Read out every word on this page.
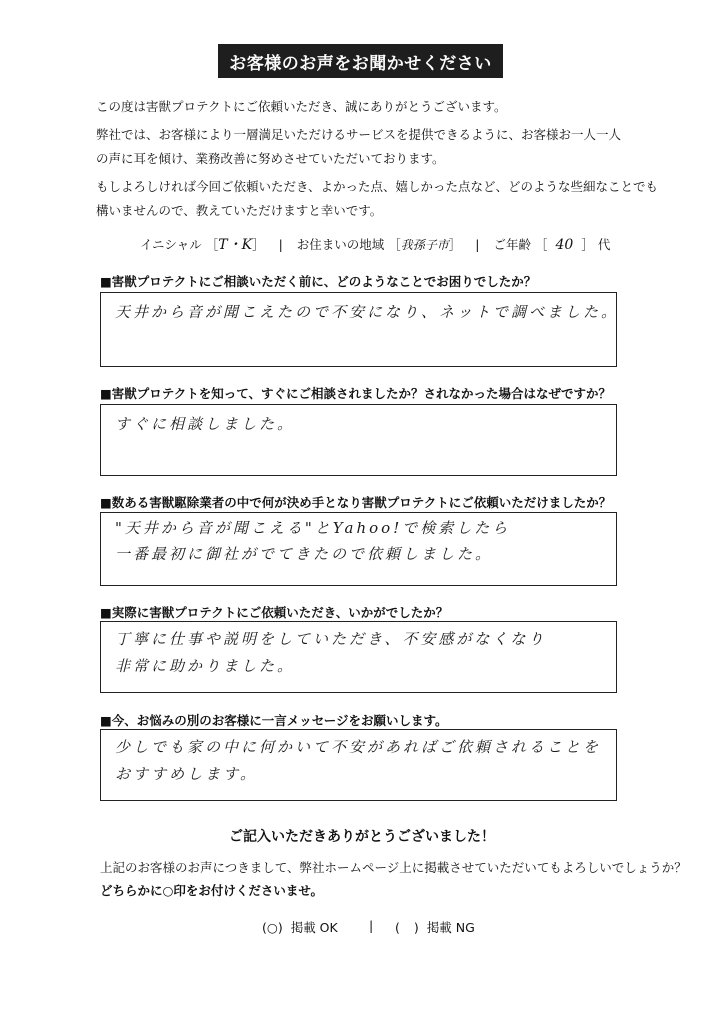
お客様のお声をお聞かせください
この度は害獣プロテクトにご依頼いただき、誠にありがとうございます。
弊社では、お客様により一層満足いただけるサービスを提供できるように、お客様お一人一人
の声に耳を傾け、業務改善に努めさせていただいております。
もしよろしければ今回ご依頼いただき、よかった点、嬉しかった点など、どのような些細なことでも
構いませんので、教えていただけますと幸いです。
イニシャル ［T・K］ | お住まいの地域 ［我孫子市］ | ご年齢 ［ 40 ］ 代
■害獣プロテクトにご相談いただく前に、どのようなことでお困りでしたか？
天井から音が聞こえたので不安になり、ネットで調べました。
■害獣プロテクトを知って、すぐにご相談されましたか？されなかった場合はなぜですか？
すぐに相談しました。
■数ある害獣駆除業者の中で何が決め手となり害獣プロテクトにご依頼いただけましたか？
"天井から音が聞こえる"とYahoo!で検索したら
一番最初に御社がでてきたので依頼しました。
■実際に害獣プロテクトにご依頼いただき、いかがでしたか？
丁寧に仕事や説明をしていただき、不安感がなくなり
非常に助かりました。
■今、お悩みの別のお客様に一言メッセージをお願いします。
少しでも家の中に何かいて不安があればご依頼されることを
おすすめします。
ご記入いただきありがとうございました！
上記のお客様のお声につきまして、弊社ホームページ上に掲載させていただいてもよろしいでしょうか？
どちらかに○印をお付けくださいませ。
(○) 掲載 OK	| ( ) 掲載 NG
